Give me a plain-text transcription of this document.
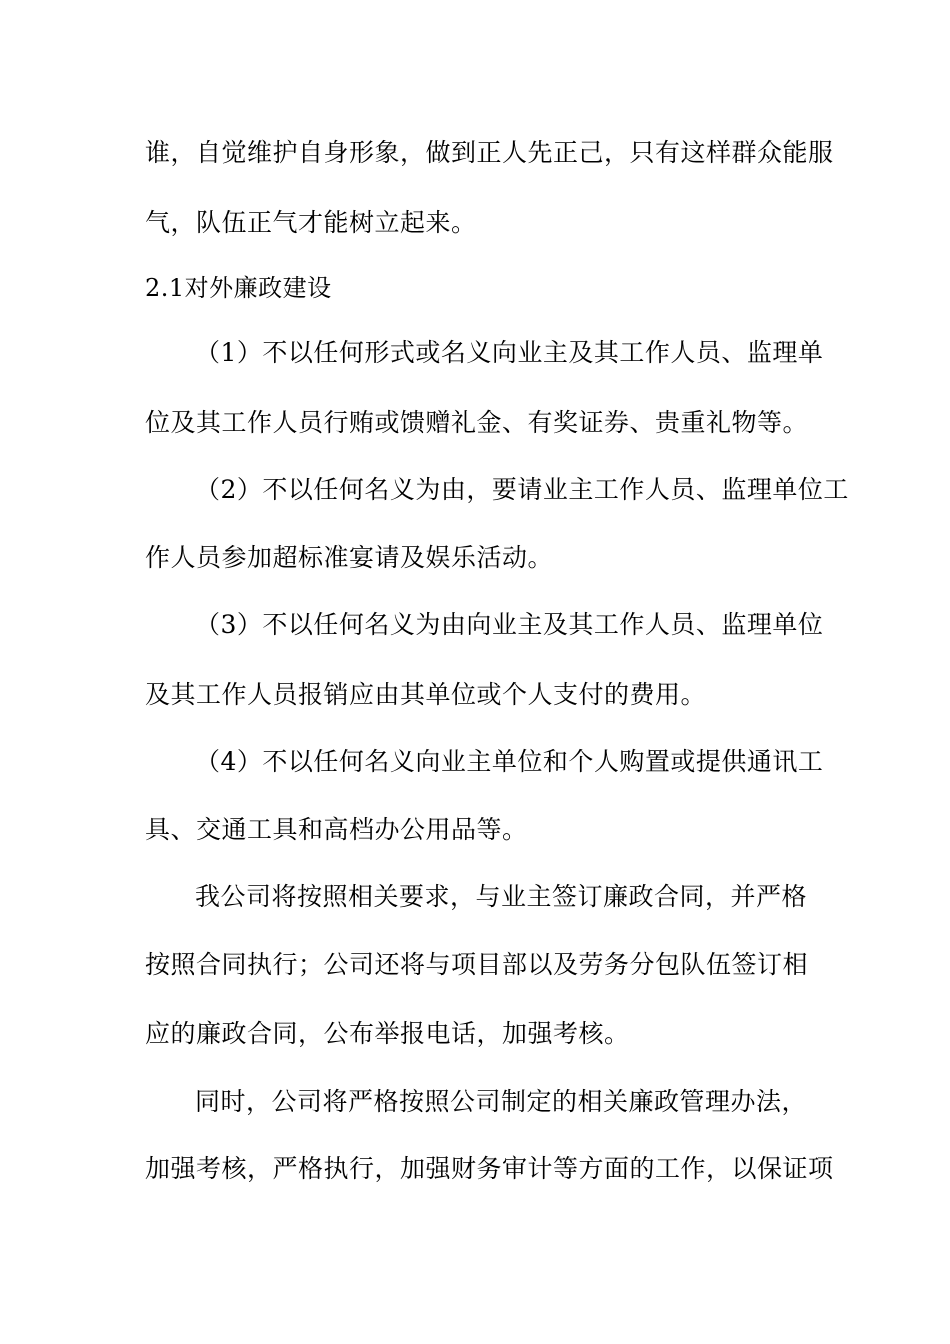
谁，自觉维护自身形象，做到正人先正己，只有这样群众能服
气，队伍正气才能树立起来。
2.1对外廉政建设
（1）不以任何形式或名义向业主及其工作人员、监理单
位及其工作人员行贿或馈赠礼金、有奖证券、贵重礼物等。
（2）不以任何名义为由，要请业主工作人员、监理单位工
作人员参加超标准宴请及娱乐活动。
（3）不以任何名义为由向业主及其工作人员、监理单位
及其工作人员报销应由其单位或个人支付的费用。
（4）不以任何名义向业主单位和个人购置或提供通讯工
具、交通工具和高档办公用品等。
我公司将按照相关要求，与业主签订廉政合同，并严格
按照合同执行；公司还将与项目部以及劳务分包队伍签订相
应的廉政合同，公布举报电话，加强考核。
同时，公司将严格按照公司制定的相关廉政管理办法，
加强考核，严格执行，加强财务审计等方面的工作，以保证项
